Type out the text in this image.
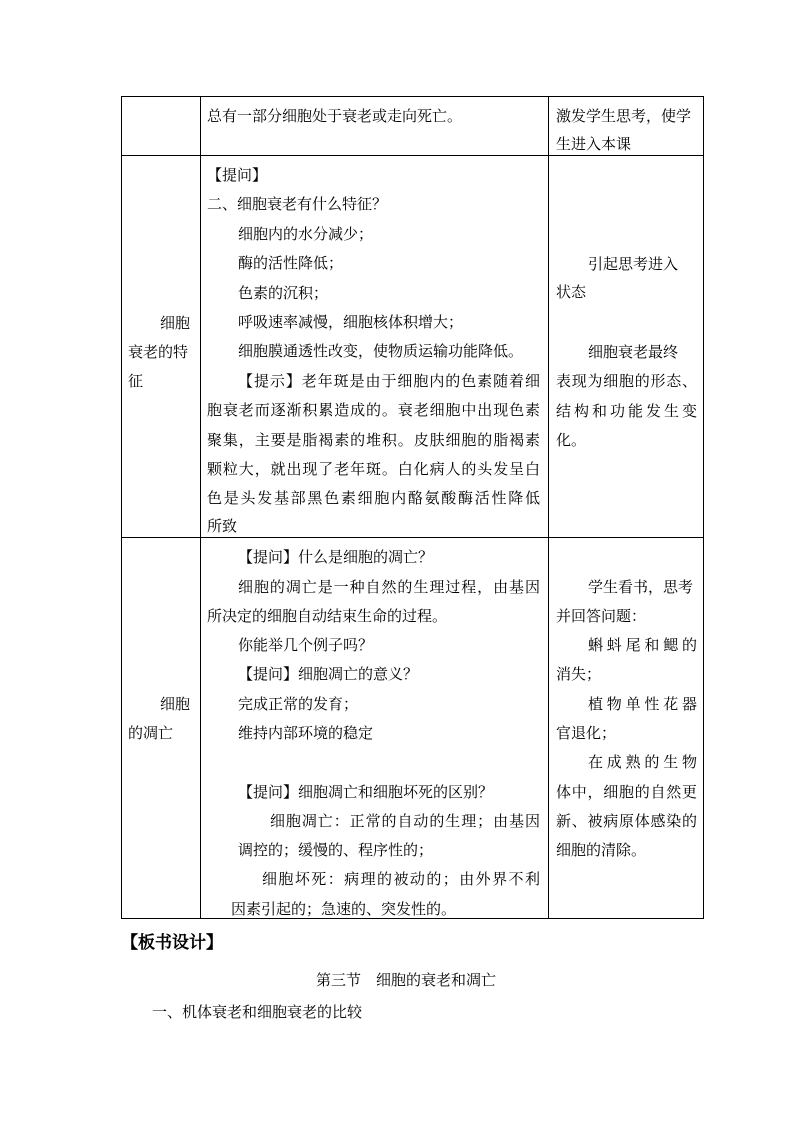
总有一部分细胞处于衰老或走向死亡。	激发学生思考，使学
生进入本课
细胞
衰老的特
征
【提问】
二、细胞衰老有什么特征？
细胞内的水分减少；
酶的活性降低；
色素的沉积；
呼吸速率减慢，细胞核体积增大；
细胞膜通透性改变，使物质运输功能降低。
【提示】老年斑是由于细胞内的色素随着细
胞衰老而逐渐积累造成的。衰老细胞中出现色素
聚集，主要是脂褐素的堆积。皮肤细胞的脂褐素
颗粒大，就出现了老年斑。白化病人的头发呈白
色是头发基部黑色素细胞内酪氨酸酶活性降低
所致
引起思考进入
状态
细胞衰老最终
表现为细胞的形态、
结构和功能发生变
化。
细胞
的凋亡
【提问】什么是细胞的凋亡？
细胞的凋亡是一种自然的生理过程，由基因
所决定的细胞自动结束生命的过程。
你能举几个例子吗？
【提问】细胞凋亡的意义？
完成正常的发育；
维持内部环境的稳定
【提问】细胞凋亡和细胞坏死的区别？
细胞凋亡：正常的自动的生理；由基因
调控的；缓慢的、程序性的；
细胞坏死：病理的被动的；由外界不利
因素引起的；急速的、突发性的。
学生看书，思考
并回答问题：
蝌蚪尾和鳃的
消失；
植物单性花器
官退化；
在成熟的生物
体中，细胞的自然更
新、被病原体感染的
细胞的清除。
【板书设计】
第三节　细胞的衰老和凋亡
一、机体衰老和细胞衰老的比较
